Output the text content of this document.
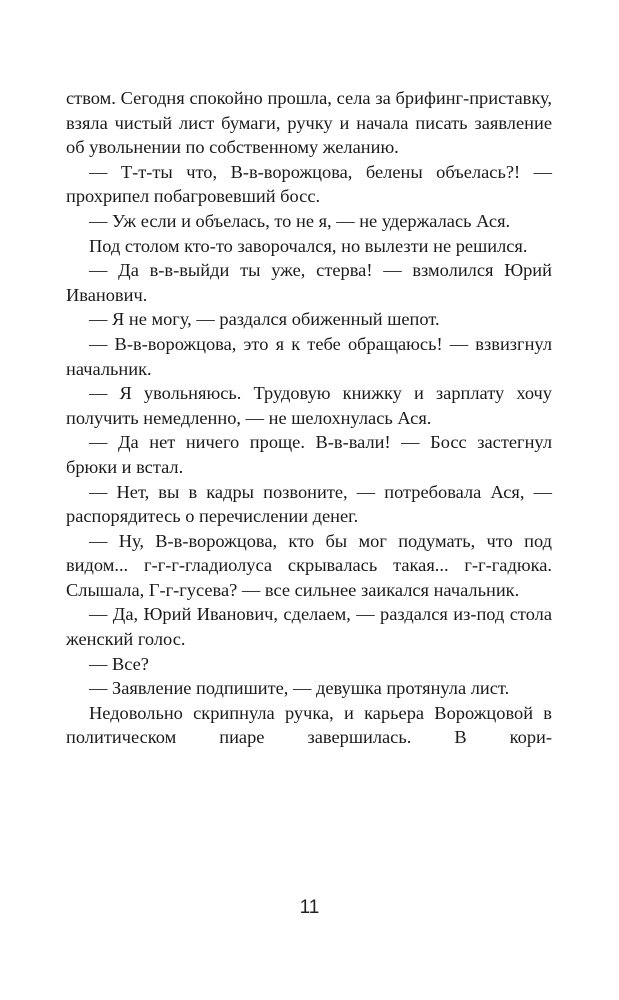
ством. Сегодня спокойно прошла, села за брифинг-приставку, взяла чистый лист бумаги, ручку и начала писать заявление об увольнении по собственному желанию.

— Т-т-ты что, В-в-ворожцова, белены объелась?! — прохрипел побагровевший босс.

— Уж если и объелась, то не я, — не удержалась Ася.

Под столом кто-то заворочался, но вылезти не решился.

— Да в-в-выйди ты уже, стерва! — взмолился Юрий Иванович.

— Я не могу, — раздался обиженный шепот.

— В-в-ворожцова, это я к тебе обращаюсь! — взвизгнул начальник.

— Я увольняюсь. Трудовую книжку и зарплату хочу получить немедленно, — не шелохнулась Ася.

— Да нет ничего проще. В-в-вали! — Босс застегнул брюки и встал.

— Нет, вы в кадры позвоните, — потребовала Ася, — распорядитесь о перечислении денег.

— Ну, В-в-ворожцова, кто бы мог подумать, что под видом... г-г-г-гладиолуса скрывалась такая... г-г-гадюка. Слышала, Г-г-гусева? — все сильнее заикался начальник.

— Да, Юрий Иванович, сделаем, — раздался из-под стола женский голос.

— Все?

— Заявление подпишите, — девушка протянула лист.

Недовольно скрипнула ручка, и карьера Ворожцовой в политическом пиаре завершилась. В кори-

11
